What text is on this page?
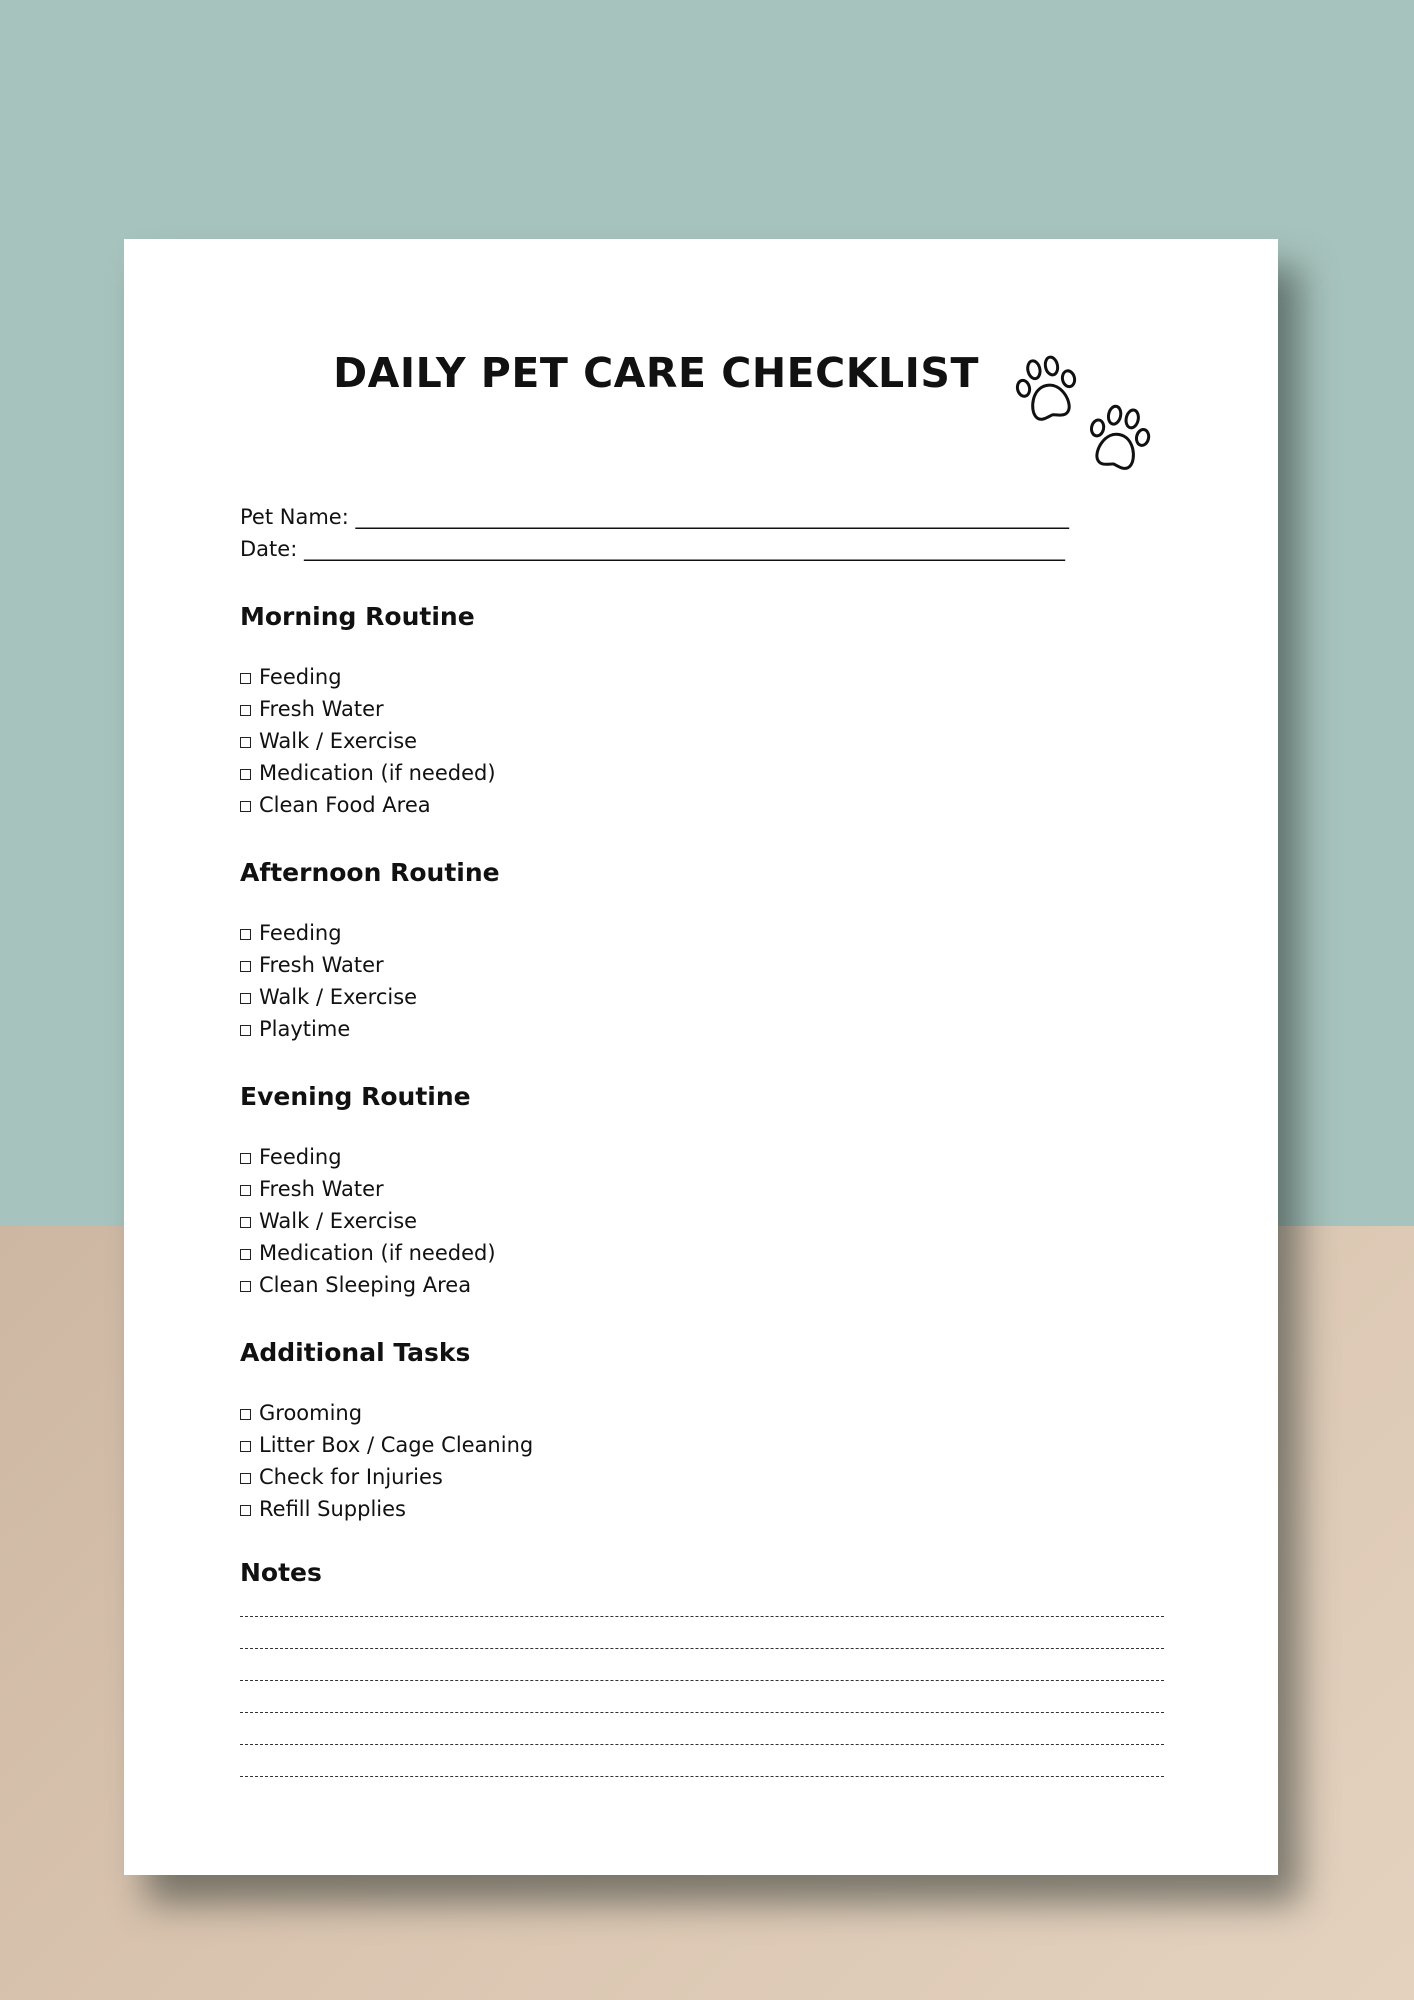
DAILY PET CARE CHECKLIST
Pet Name: ___________________________________________________________________________
Date: ________________________________________________________________________________
Morning Routine
Feeding
Fresh Water
Walk / Exercise
Medication (if needed)
Clean Food Area
Afternoon Routine
Feeding
Fresh Water
Walk / Exercise
Playtime
Evening Routine
Feeding
Fresh Water
Walk / Exercise
Medication (if needed)
Clean Sleeping Area
Additional Tasks
Grooming
Litter Box / Cage Cleaning
Check for Injuries
Refill Supplies
Notes
